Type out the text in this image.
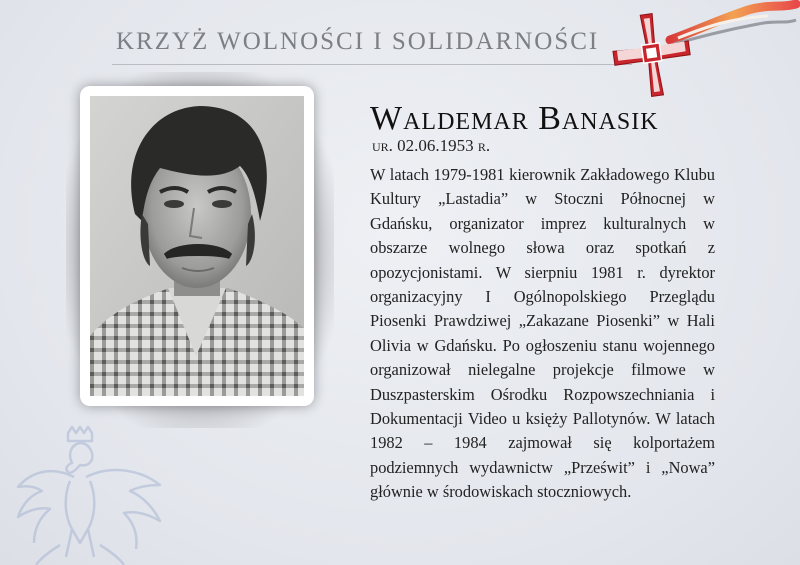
KRZYŻ WOLNOŚCI I SOLIDARNOŚCI
Waldemar Banasik
ur. 02.06.1953 r.

W latach 1979-1981 kierownik Zakładowego Klubu Kultury „Lastadia” w Stoczni Północnej w Gdańsku, organizator imprez kulturalnych w obszarze wolnego słowa oraz spotkań z opozycjonistami. W sierpniu 1981 r. dyrektor organizacyjny I Ogólnopolskiego Przeglądu Piosenki Prawdziwej „Zakazane Piosenki” w Hali Olivia w Gdańsku. Po ogłoszeniu stanu wojennego organizował nielegalne projekcje filmowe w Duszpasterskim Ośrodku Rozpowszechniania i Dokumentacji Video u księży Pallotynów. W latach 1982 – 1984 zajmował się kolportażem podziemnych wydawnictw „Prześwit” i „Nowa” głównie w środowiskach stoczniowych.
